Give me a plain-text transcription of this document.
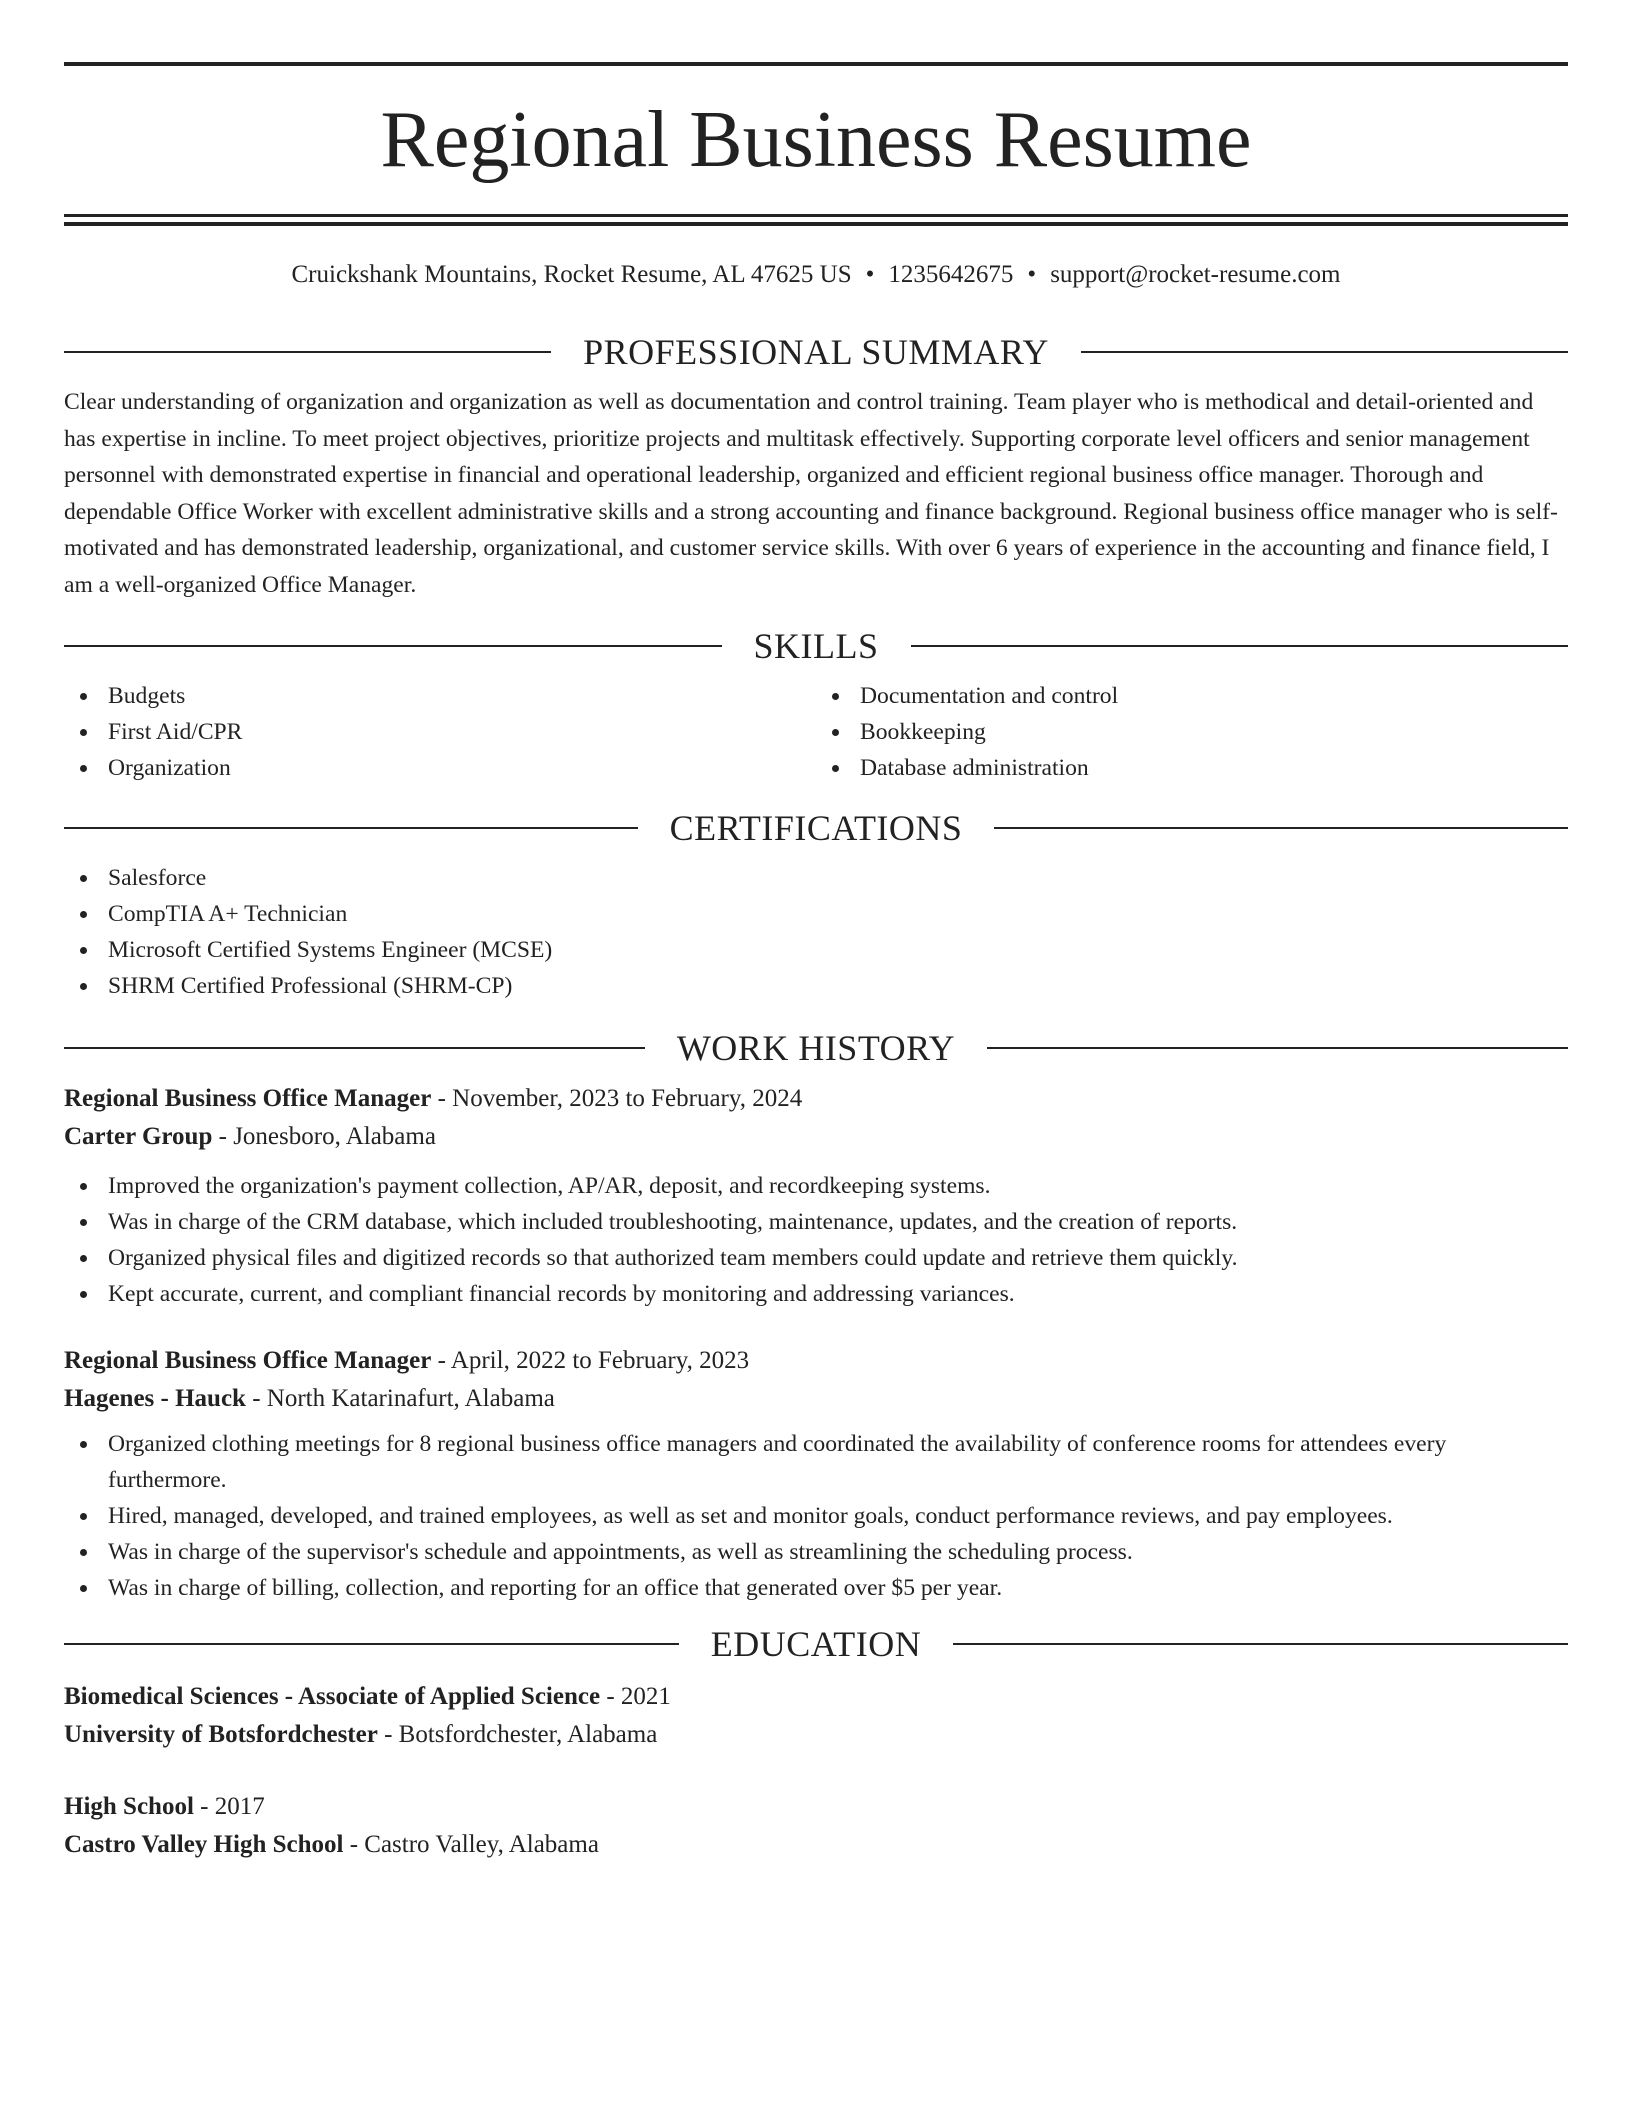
Regional Business Resume
Cruickshank Mountains, Rocket Resume, AL 47625 US • 1235642675 • support@rocket-resume.com
PROFESSIONAL SUMMARY

Clear understanding of organization and organization as well as documentation and control training. Team player who is methodical and detail-oriented and has expertise in incline. To meet project objectives, prioritize projects and multitask effectively. Supporting corporate level officers and senior management personnel with demonstrated expertise in financial and operational leadership, organized and efficient regional business office manager. Thorough and dependable Office Worker with excellent administrative skills and a strong accounting and finance background. Regional business office manager who is self-motivated and has demonstrated leadership, organizational, and customer service skills. With over 6 years of experience in the accounting and finance field, I am a well-organized Office Manager.

SKILLS
Budgets
First Aid/CPR
Organization
Documentation and control
Bookkeeping
Database administration
CERTIFICATIONS
Salesforce
CompTIA A+ Technician
Microsoft Certified Systems Engineer (MCSE)
SHRM Certified Professional (SHRM-CP)
WORK HISTORY
Regional Business Office Manager - November, 2023 to February, 2024
Carter Group - Jonesboro, Alabama
Improved the organization's payment collection, AP/AR, deposit, and recordkeeping systems.
Was in charge of the CRM database, which included troubleshooting, maintenance, updates, and the creation of reports.
Organized physical files and digitized records so that authorized team members could update and retrieve them quickly.
Kept accurate, current, and compliant financial records by monitoring and addressing variances.
Regional Business Office Manager - April, 2022 to February, 2023
Hagenes - Hauck - North Katarinafurt, Alabama
Organized clothing meetings for 8 regional business office managers and coordinated the availability of conference rooms for attendees every furthermore.
Hired, managed, developed, and trained employees, as well as set and monitor goals, conduct performance reviews, and pay employees.
Was in charge of the supervisor's schedule and appointments, as well as streamlining the scheduling process.
Was in charge of billing, collection, and reporting for an office that generated over $5 per year.
EDUCATION
Biomedical Sciences - Associate of Applied Science - 2021
University of Botsfordchester - Botsfordchester, Alabama
High School - 2017
Castro Valley High School - Castro Valley, Alabama
